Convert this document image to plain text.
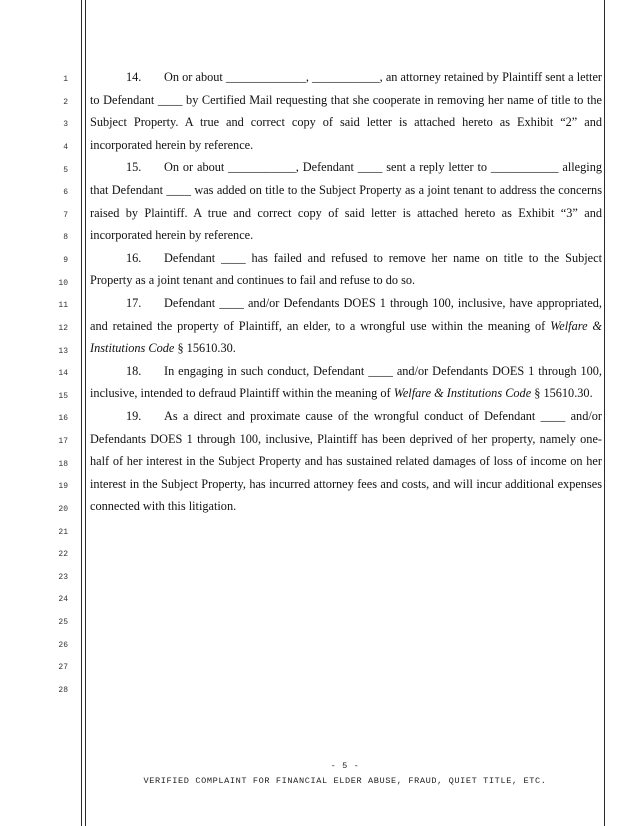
1
2
3
4
5
6
7
8
9
10
11
12
13
14
15
16
17
18
19
20
21
22
23
24
25
26
27
28

14. On or about _____________, ___________, an attorney retained by Plaintiff sent a letter to Defendant ____ by Certified Mail requesting that she cooperate in removing her name of title to the Subject Property. A true and correct copy of said letter is attached hereto as Exhibit “2” and incorporated herein by reference.

15. On or about ___________, Defendant ____ sent a reply letter to ___________ alleging that Defendant ____ was added on title to the Subject Property as a joint tenant to address the concerns raised by Plaintiff. A true and correct copy of said letter is attached hereto as Exhibit “3” and incorporated herein by reference.

16. Defendant ____ has failed and refused to remove her name on title to the Subject Property as a joint tenant and continues to fail and refuse to do so.

17. Defendant ____ and/or Defendants DOES 1 through 100, inclusive, have appropriated, and retained the property of Plaintiff, an elder, to a wrongful use within the meaning of Welfare & Institutions Code § 15610.30.

18. In engaging in such conduct, Defendant ____ and/or Defendants DOES 1 through 100, inclusive, intended to defraud Plaintiff within the meaning of Welfare & Institutions Code § 15610.30.

19. As a direct and proximate cause of the wrongful conduct of Defendant ____ and/or Defendants DOES 1 through 100, inclusive, Plaintiff has been deprived of her property, namely one-half of her interest in the Subject Property and has sustained related damages of loss of income on her interest in the Subject Property, has incurred attorney fees and costs, and will incur additional expenses connected with this litigation.

- 5 -
VERIFIED COMPLAINT FOR FINANCIAL ELDER ABUSE, FRAUD, QUIET TITLE, ETC.
